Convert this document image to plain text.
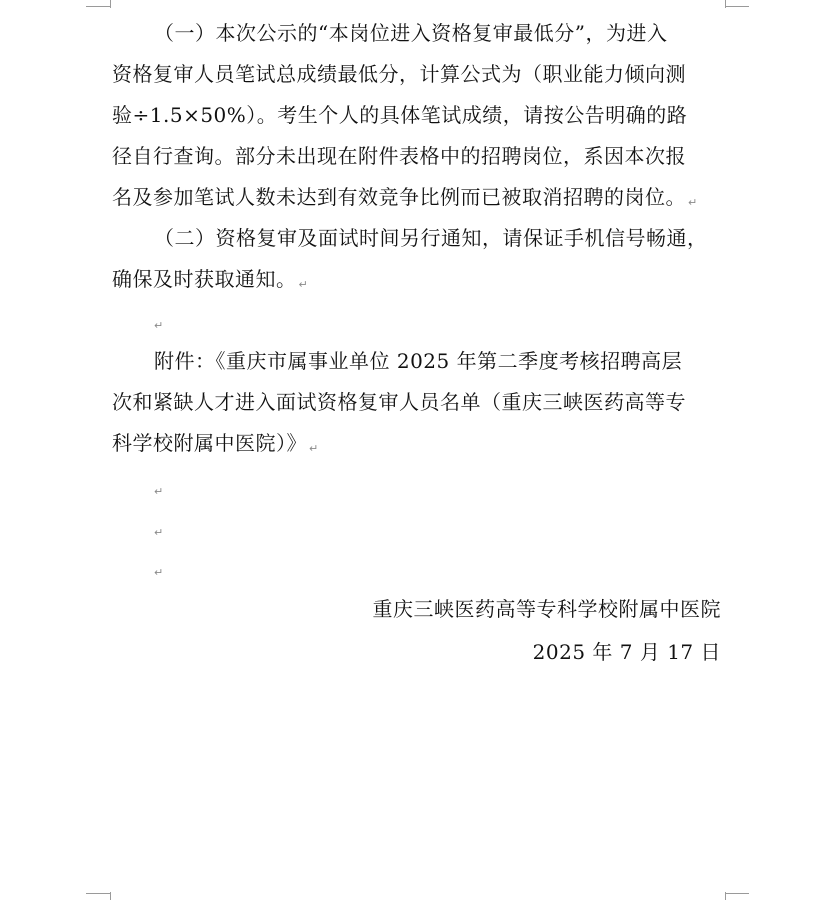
（一）本次公示的“本岗位进入资格复审最低分”，为进入
资格复审人员笔试总成绩最低分，计算公式为（职业能力倾向测
验÷1.5×50%）。考生个人的具体笔试成绩，请按公告明确的路
径自行查询。部分未出现在附件表格中的招聘岗位，系因本次报
名及参加笔试人数未达到有效竞争比例而已被取消招聘的岗位。 ↵
（二）资格复审及面试时间另行通知，请保证手机信号畅通，
确保及时获取通知。 ↵
↵
附件：《重庆市属事业单位 2025 年第二季度考核招聘高层
次和紧缺人才进入面试资格复审人员名单（重庆三峡医药高等专
科学校附属中医院）》 ↵
↵
↵
↵
重庆三峡医药高等专科学校附属中医院
2025 年 7 月 17 日
